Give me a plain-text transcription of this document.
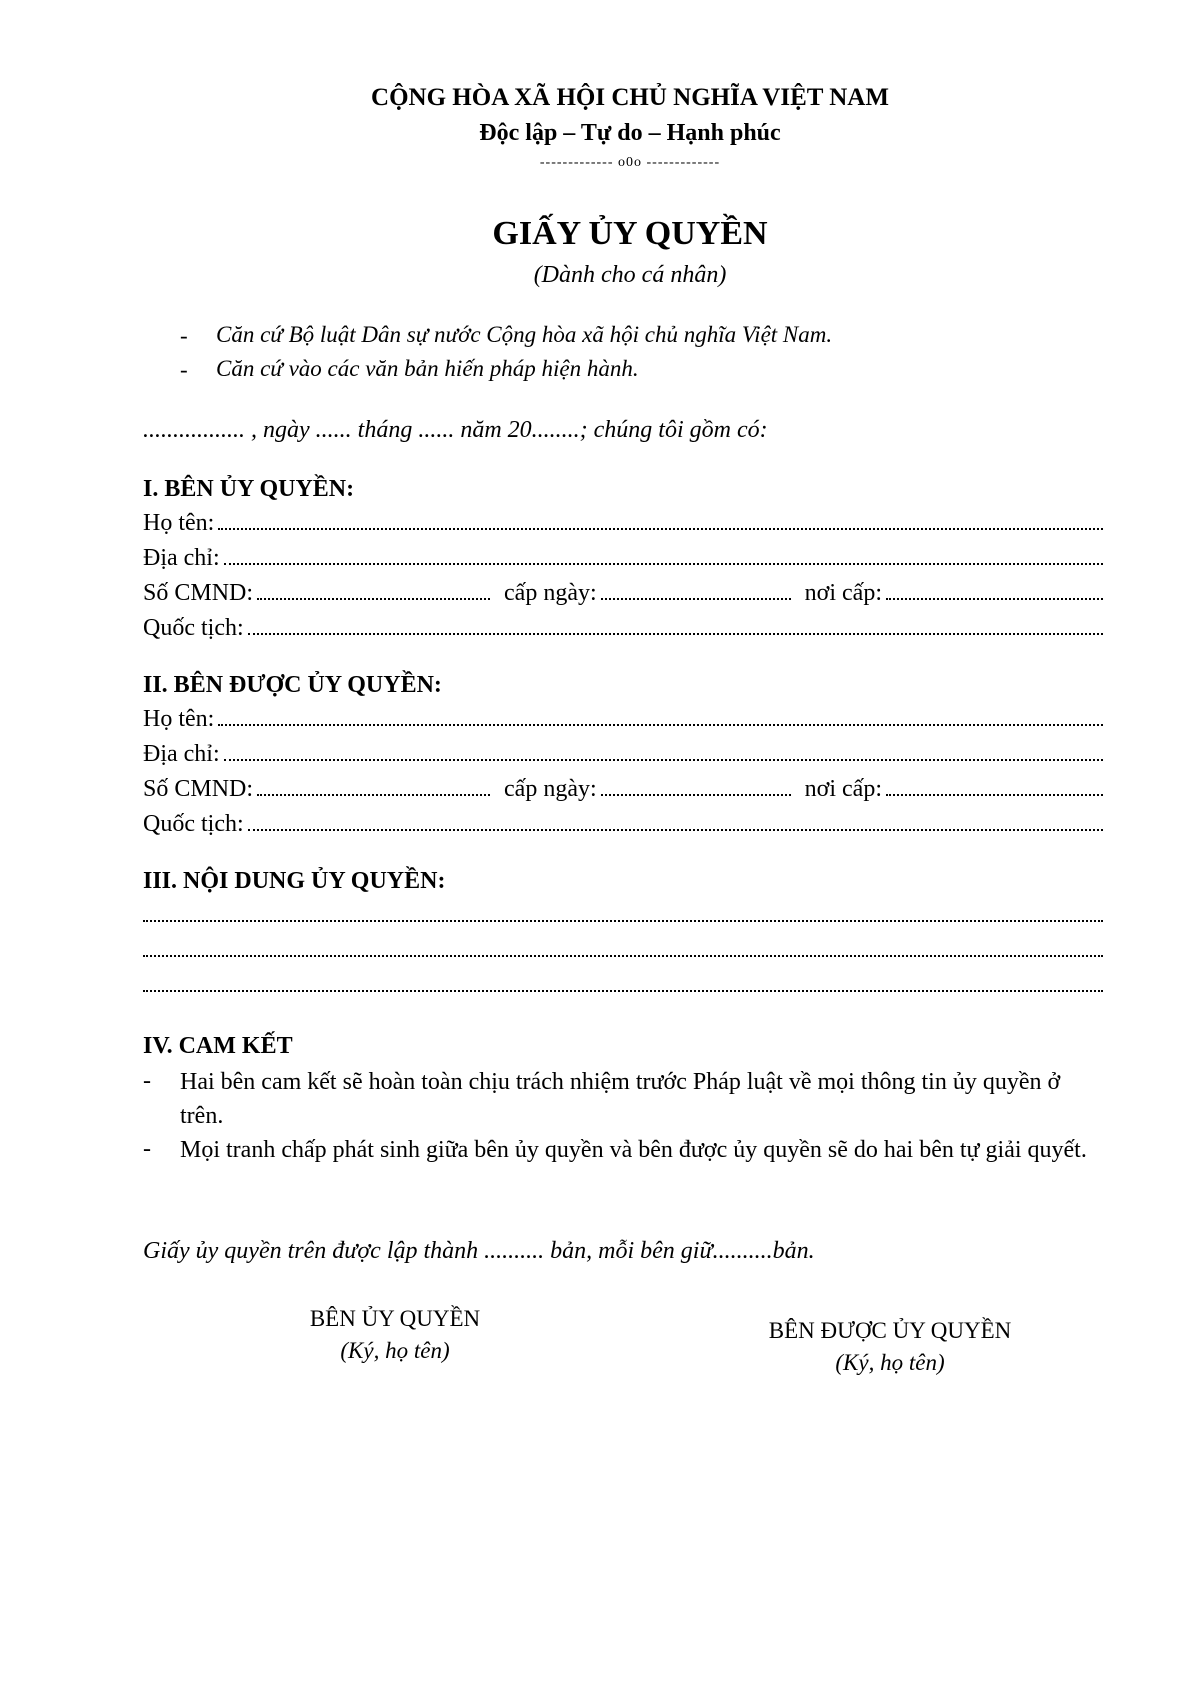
CỘNG HÒA XÃ HỘI CHỦ NGHĨA VIỆT NAM
Độc lập – Tự do – Hạnh phúc
------------- o0o -------------
GIẤY ỦY QUYỀN
(Dành cho cá nhân)
- Căn cứ Bộ luật Dân sự nước Cộng hòa xã hội chủ nghĩa Việt Nam.
- Căn cứ vào các văn bản hiến pháp hiện hành.
................. , ngày ...... tháng ...... năm 20........; chúng tôi gồm có:
I. BÊN ỦY QUYỀN:
Họ tên:
Địa chỉ:
Số CMND:	cấp ngày:	nơi cấp:
Quốc tịch:
II. BÊN ĐƯỢC ỦY QUYỀN:
Họ tên:
Địa chỉ:
Số CMND:	cấp ngày:	nơi cấp:
Quốc tịch:
III. NỘI DUNG ỦY QUYỀN:
IV. CAM KẾT
- Hai bên cam kết sẽ hoàn toàn chịu trách nhiệm trước Pháp luật về mọi thông tin ủy quyền ở trên.
- Mọi tranh chấp phát sinh giữa bên ủy quyền và bên được ủy quyền sẽ do hai bên tự giải quyết.
Giấy ủy quyền trên được lập thành .......... bản, mỗi bên giữ..........bản.
BÊN ỦY QUYỀN
(Ký, họ tên)
BÊN ĐƯỢC ỦY QUYỀN
(Ký, họ tên)
